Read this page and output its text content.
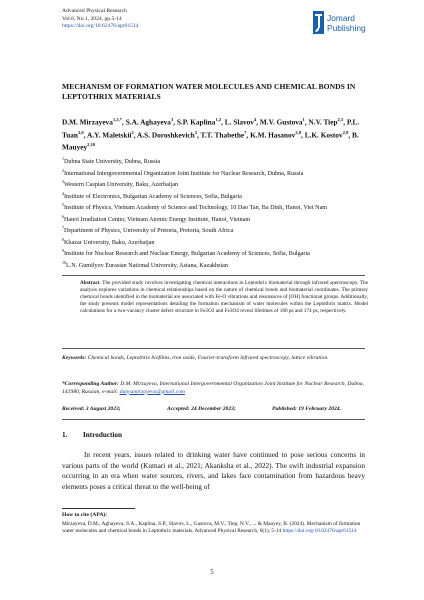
Advanced Physical Research
Vol.6, No.1, 2024, pp.5-14
https://doi.org/10.62476/apr61514
Jomard
Publishing
MECHANISM OF FORMATION WATER MOLECULES AND CHEMICAL BONDS IN LEPTOTHRIX MATERIALS
D.M. Mirzayeva$^{1,2,*}$, S.A. Aghayeva$^3$, S.P. Kaplina$^{1,2}$, L. Slavov$^4$, M.V. Gustova$^1$, N.V. Tiep$^{2,5}$, P.L. Tuan$^{2,6}$, A.Y. Maletskii$^2$, A.S. Doroshkevich$^2$, T.T. Thabethe$^7$, K.M. Hasanov$^{2,8}$, L.K. Kostov$^{2,9}$, B. Mauyey$^{2,10}$
$^1$Dubna State University, Dubna, Russia
$^2$International Intergovernmental Organization Joint Institute for Nuclear Research, Dubna, Russia
$^3$Western Caspian University, Baku, Azerbaijan
$^4$Institute of Electronics, Bulgarian Academy of Sciences, Sofia, Bulgaria
$^5$Institute of Physics, Vietnam Academy of Science and Technology, 10 Dao Tan, Ba Dinh, Hanoi, Viet Nam
$^6$Hanoi Irradiation Center, Vietnam Atomic Energy Institute, Hanoi, Vietnam
$^7$Department of Physics, University of Pretoria, Pretoria, South Africa
$^8$Khazar University, Baku, Azerbaijan
$^9$Institute for Nuclear Research and Nuclear Energy, Bulgarian Academy of Sciences, Sofia, Bulgaria
$^{10}$L.N. Gumilyov Eurasian National University, Astana, Kazakhstan
Abstract. The provided study involves investigating chemical interactions in Leptothrix biomaterial through infrared spectroscopy. The analysis explores variations in chemical relationships based on the nature of chemical bonds and biomaterial coordinates. The primary chemical bonds identified in the biomaterial are associated with Fe-O vibrations and resonances of [OH] functional groups. Additionally, the study presents model representations detailing the formation mechanism of water molecules within the Leptothrix matrix. Model calculations for a two-vacancy cluster defect structure in Fe2O3 and Fe3O4 reveal lifetimes of 180 ps and 174 ps, respectively.
Keywords: Chemical bonds, Leptothrix biofilms, iron oxide, Fourier-transform infrared spectroscopy, lattice vibration.
*Corresponding Author: D.M. Mirzayeva, International Intergovernmental Organization Joint Institute for Nuclear Research, Dubna, 141980, Russian, e-mail: dunyamirzayeva@gmail.com
Received: 3 August 2023;	Accepted: 24 December 2023;	Published: 19 February 2024.
1. Introduction
In recent years, issues related to drinking water have continued to pose serious concerns in various parts of the world (Kumari et al., 2021; Akanksha et al., 2022). The swift industrial expansion occurring in an era when water sources, rivers, and lakes face contamination from hazardous heavy elements poses a critical threat to the well-being of
How to cite (APA):
Mirzayeva, D.M., Aghayeva, S.A., Kaplina, S.P., Slavov, L., Gustova, M.V., Tiep, N.V., ... & Mauyey, B. (2024). Mechanism of formation water molecules and chemical bonds in Leptothrix materials. Advanced Physical Research, 6(1), 5-14 https://doi.org/10.62476/apr61514
5
